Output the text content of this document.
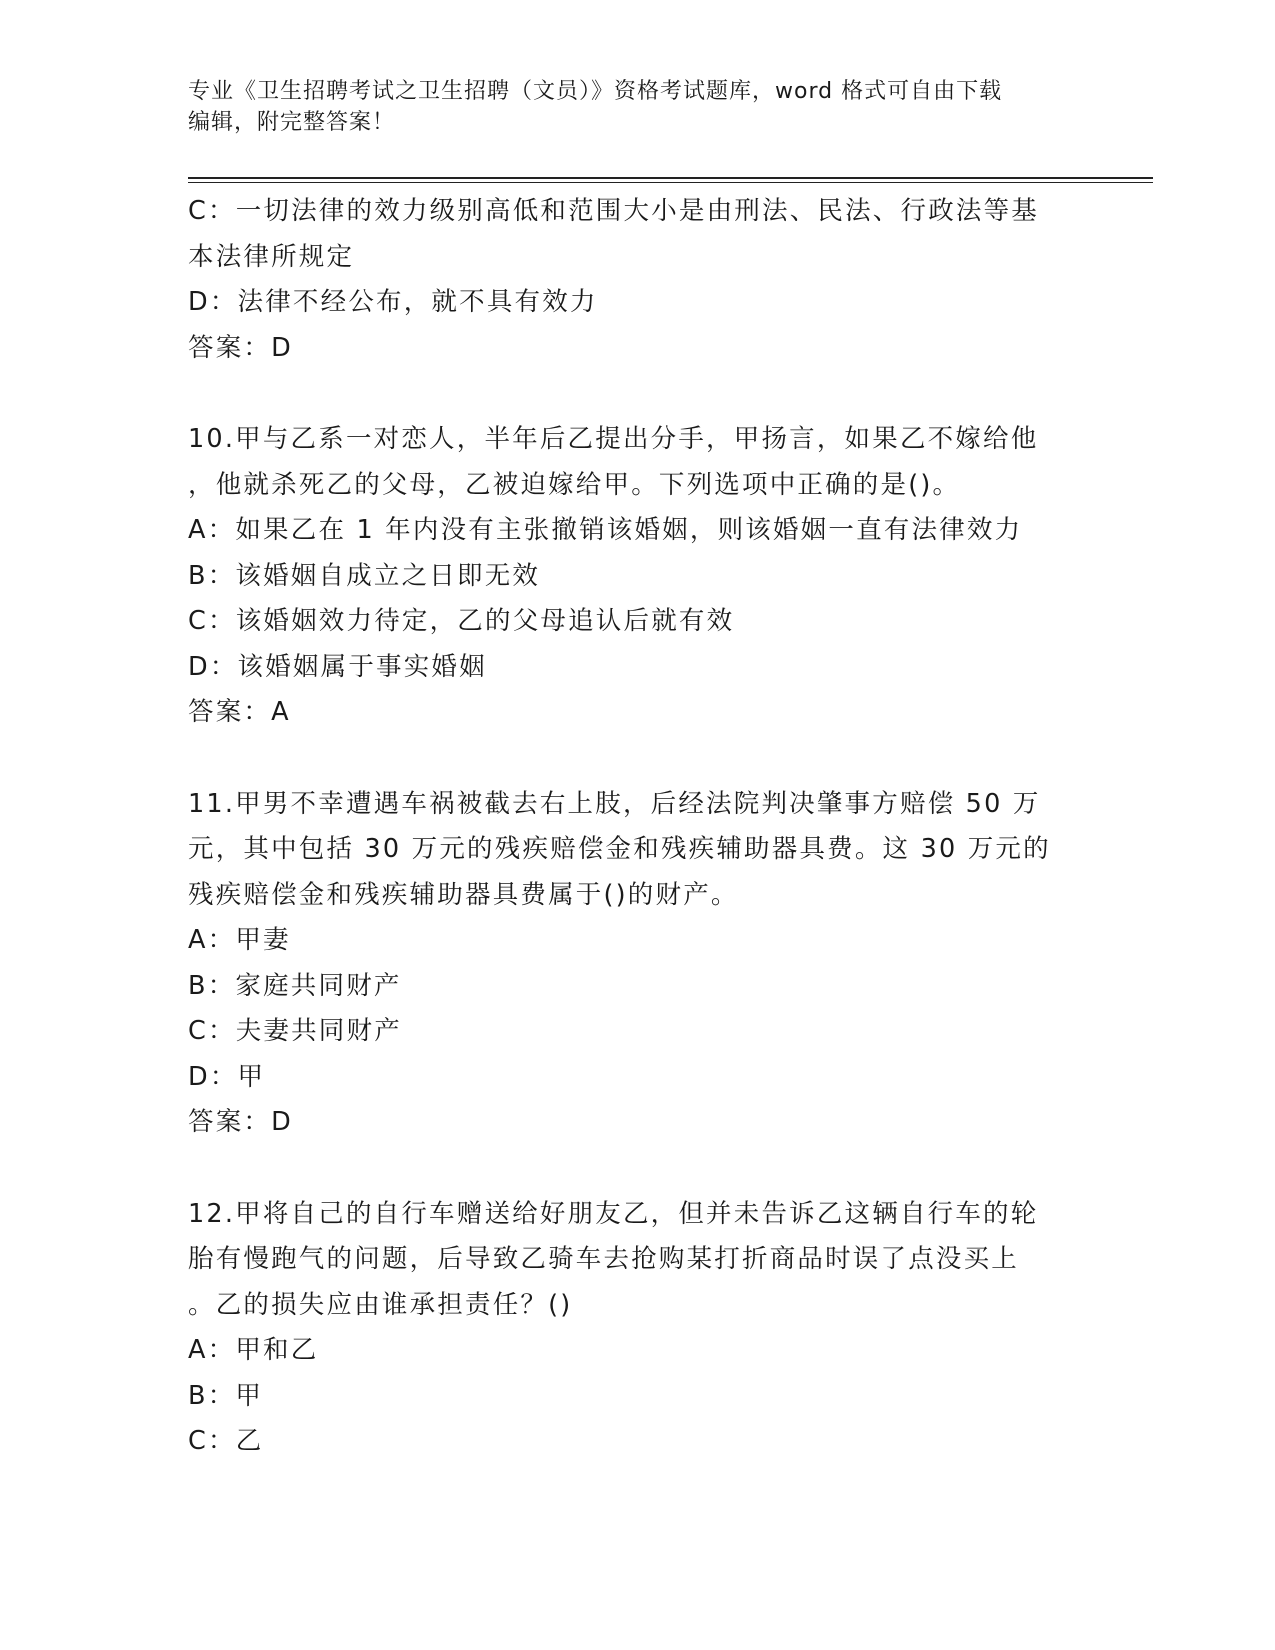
专业《卫生招聘考试之卫生招聘（文员）》资格考试题库，word 格式可自由下载
编辑，附完整答案！
C：一切法律的效力级别高低和范围大小是由刑法、民法、行政法等基
本法律所规定
D：法律不经公布，就不具有效力
答案：D
10.甲与乙系一对恋人，半年后乙提出分手，甲扬言，如果乙不嫁给他
，他就杀死乙的父母，乙被迫嫁给甲。下列选项中正确的是()。
A：如果乙在 1 年内没有主张撤销该婚姻，则该婚姻一直有法律效力
B：该婚姻自成立之日即无效
C：该婚姻效力待定，乙的父母追认后就有效
D：该婚姻属于事实婚姻
答案：A
11.甲男不幸遭遇车祸被截去右上肢，后经法院判决肇事方赔偿 50 万
元，其中包括 30 万元的残疾赔偿金和残疾辅助器具费。这 30 万元的
残疾赔偿金和残疾辅助器具费属于()的财产。
A：甲妻
B：家庭共同财产
C：夫妻共同财产
D：甲
答案：D
12.甲将自己的自行车赠送给好朋友乙，但并未告诉乙这辆自行车的轮
胎有慢跑气的问题，后导致乙骑车去抢购某打折商品时误了点没买上
。乙的损失应由谁承担责任？()
A：甲和乙
B：甲
C：乙
